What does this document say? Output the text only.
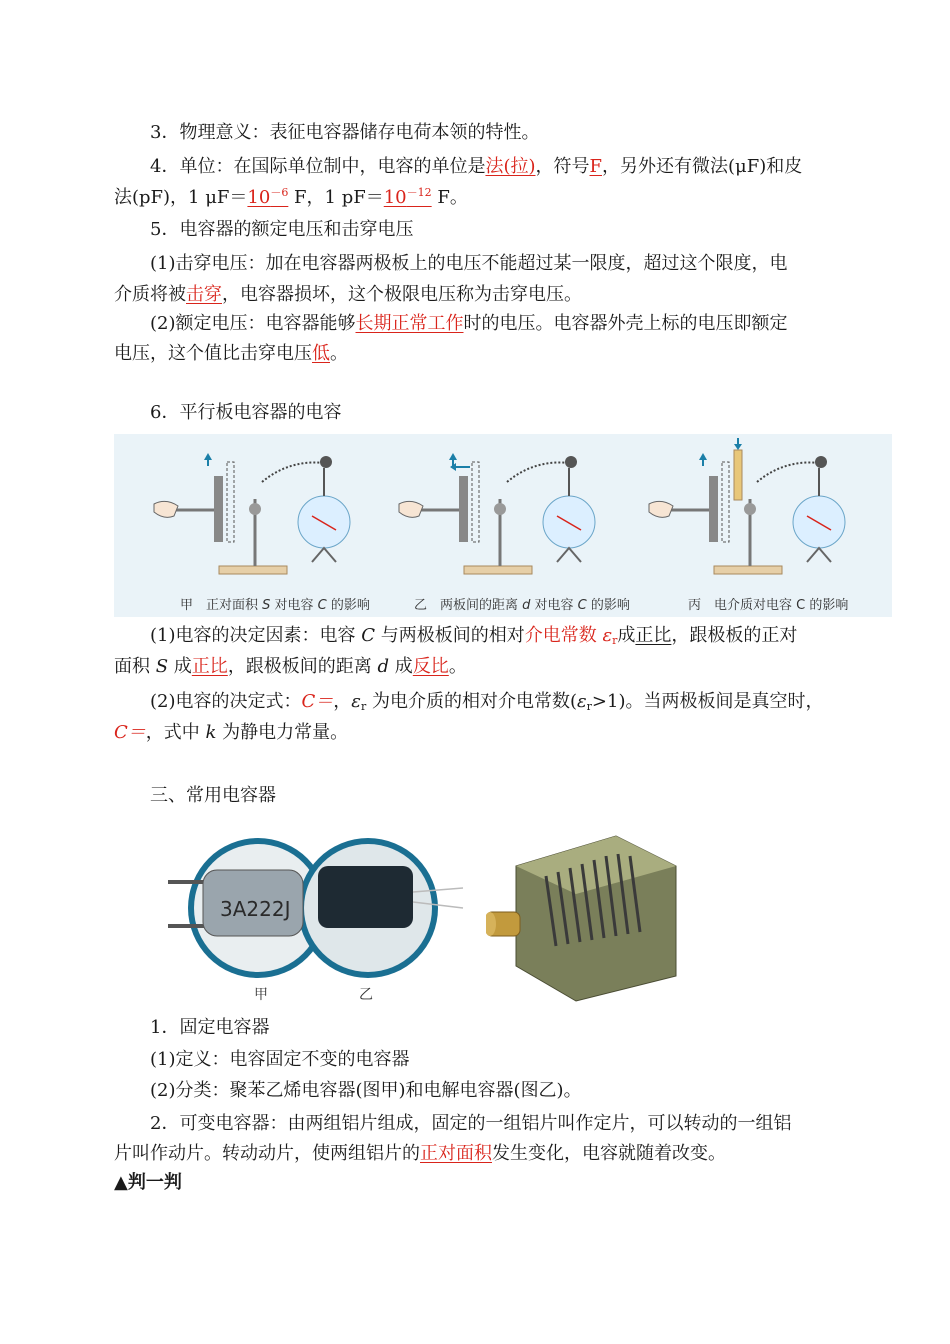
3．物理意义：表征电容器储存电荷本领的特性。
4．单位：在国际单位制中，电容的单位是法(拉)，符号F，另外还有微法(μF)和皮
法(pF)，1 $\mu F=10^{-6}$ F，1 $pF=10^{-12}$ F。
5．电容器的额定电压和击穿电压
(1)击穿电压：加在电容器两极板上的电压不能超过某一限度，超过这个限度，电
介质将被击穿，电容器损坏，这个极限电压称为击穿电压。
(2)额定电压：电容器能够长期正常工作时的电压。电容器外壳上标的电压即额定
电压，这个值比击穿电压低。
6．平行板电容器的电容
甲　正对面积 S 对电容 C 的影响	乙　两板间的距离 d 对电容 C 的影响	丙　电介质对电容 C 的影响
(1)电容的决定因素：电容 C 与两极板间的相对介电常数 $\varepsilon_r$成正比，跟极板的正对
面积 S 成正比，跟极板间的距离 d 成反比。
(2)电容的决定式：C＝，$\varepsilon_r$ 为电介质的相对介电常数$(\varepsilon_r>1)$。当两极板间是真空时，
C＝，式中 k 为静电力常量。
三、常用电容器
3A222J
甲	乙
1．固定电容器
(1)定义：电容固定不变的电容器
(2)分类：聚苯乙烯电容器(图甲)和电解电容器(图乙)。
2．可变电容器：由两组铝片组成，固定的一组铝片叫作定片，可以转动的一组铝
片叫作动片。转动动片，使两组铝片的正对面积发生变化，电容就随着改变。
▲判一判
